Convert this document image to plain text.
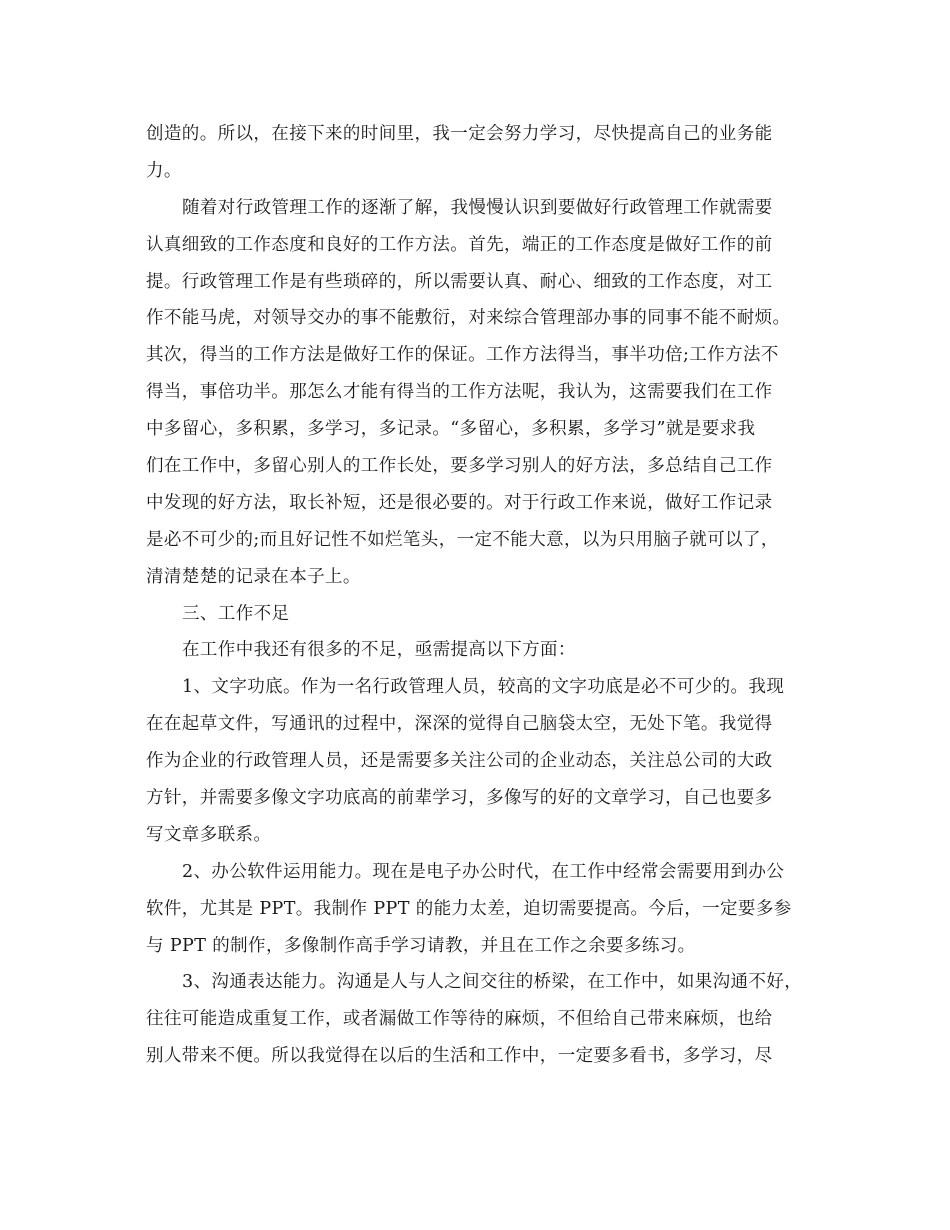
创造的。所以，在接下来的时间里，我一定会努力学习，尽快提高自己的业务能
力。
随着对行政管理工作的逐渐了解，我慢慢认识到要做好行政管理工作就需要
认真细致的工作态度和良好的工作方法。首先，端正的工作态度是做好工作的前
提。行政管理工作是有些琐碎的，所以需要认真、耐心、细致的工作态度，对工
作不能马虎，对领导交办的事不能敷衍，对来综合管理部办事的同事不能不耐烦。
其次，得当的工作方法是做好工作的保证。工作方法得当，事半功倍;工作方法不
得当，事倍功半。那怎么才能有得当的工作方法呢，我认为，这需要我们在工作
中多留心，多积累，多学习，多记录。“多留心，多积累，多学习”就是要求我
们在工作中，多留心别人的工作长处，要多学习别人的好方法，多总结自己工作
中发现的好方法，取长补短，还是很必要的。对于行政工作来说，做好工作记录
是必不可少的;而且好记性不如烂笔头，一定不能大意，以为只用脑子就可以了，
清清楚楚的记录在本子上。
三、工作不足
在工作中我还有很多的不足，亟需提高以下方面：
1、文字功底。作为一名行政管理人员，较高的文字功底是必不可少的。我现
在在起草文件，写通讯的过程中，深深的觉得自己脑袋太空，无处下笔。我觉得
作为企业的行政管理人员，还是需要多关注公司的企业动态，关注总公司的大政
方针，并需要多像文字功底高的前辈学习，多像写的好的文章学习，自己也要多
写文章多联系。
2、办公软件运用能力。现在是电子办公时代，在工作中经常会需要用到办公
软件，尤其是 PPT。我制作 PPT 的能力太差，迫切需要提高。今后，一定要多参
与 PPT 的制作，多像制作高手学习请教，并且在工作之余要多练习。
3、沟通表达能力。沟通是人与人之间交往的桥梁，在工作中，如果沟通不好，
往往可能造成重复工作，或者漏做工作等待的麻烦，不但给自己带来麻烦，也给
别人带来不便。所以我觉得在以后的生活和工作中，一定要多看书，多学习，尽
